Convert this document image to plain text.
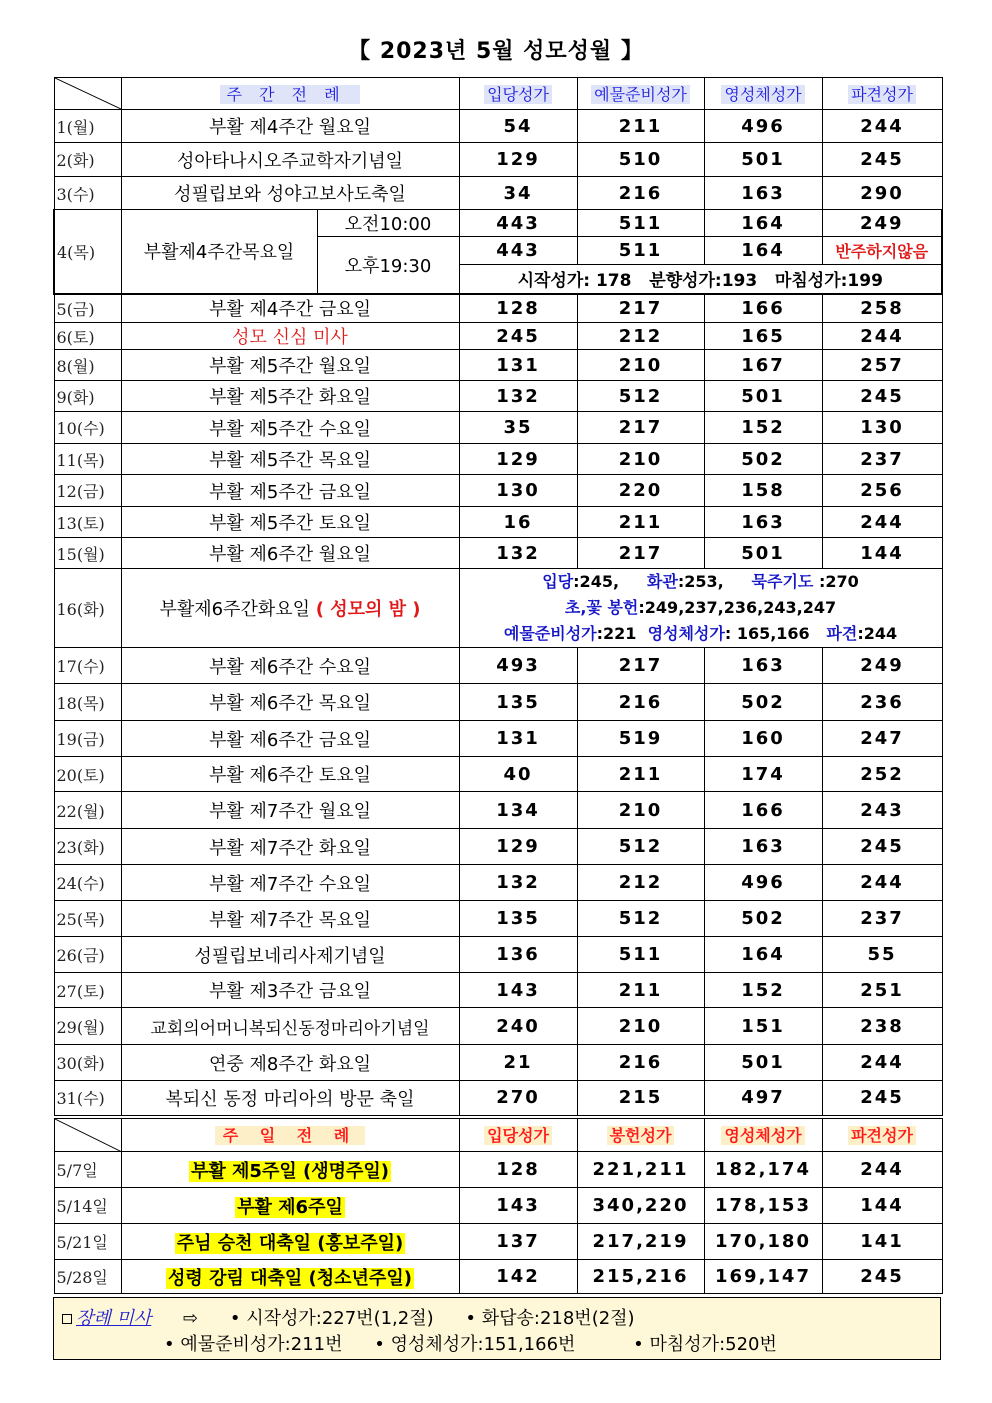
【 2023년 5월 성모성월 】
	주 간 전 례		입당성가	예물준비성가	영성체성가	파견성가
1(월)	부활 제4주간 월요일		54	211	496	244
2(화)	성아타나시오주교학자기념일		129	510	501	245
3(수)	성필립보와 성야고보사도축일		34	216	163	290
4(목)	부활제4주간목요일	오전10:00	443	511	164	249
		오후19:30	443	511	164	반주하지않음
			시작성가: 178   분향성가:193   마침성가:199			
5(금)	부활 제4주간 금요일		128	217	166	258
6(토)	성모 신심 미사		245	212	165	244
8(월)	부활 제5주간 월요일		131	210	167	257
9(화)	부활 제5주간 화요일		132	512	501	245
10(수)	부활 제5주간 수요일		35	217	152	130
11(목)	부활 제5주간 목요일		129	210	502	237
12(금)	부활 제5주간 금요일		130	220	158	256
13(토)	부활 제5주간 토요일		16	211	163	244
15(월)	부활 제6주간 월요일		132	217	501	144
16(화)	부활제6주간화요일 ( 성모의 밤 )		입당:245, 화관:253, 묵주기도 :270
초,꽃 봉헌:249,237,236,243,247
예물준비성가:221 영성체성가: 165,166 파견:244			

17(수)	부활 제6주간 수요일		493	217	163	249
18(목)	부활 제6주간 목요일		135	216	502	236
19(금)	부활 제6주간 금요일		131	519	160	247
20(토)	부활 제6주간 토요일		40	211	174	252
22(월)	부활 제7주간 월요일		134	210	166	243
23(화)	부활 제7주간 화요일		129	512	163	245
24(수)	부활 제7주간 수요일		132	212	496	244
25(목)	부활 제7주간 목요일		135	512	502	237
26(금)	성필립보네리사제기념일		136	511	164	55
27(토)	부활 제3주간 금요일		143	211	152	251
29(월)	교회의어머니복되신동정마리아기념일		240	210	151	238
30(화)	연중 제8주간 화요일		21	216	501	244
31(수)	복되신 동정 마리아의 방문 축일		270	215	497	245

	주 일 전 례		입당성가	봉헌성가	영성체성가	파견성가
5/7일	부활 제5주일 (생명주일)		128	221,211	182,174	244
5/14일	부활 제6주일		143	340,220	178,153	144
5/21일	주님 승천 대축일 (홍보주일)		137	217,219	170,180	141
5/28일	성령 강림 대축일 (청소년주일)		142	215,216	169,147	245
장례 미사 ⇨ • 시작성가:227번(1,2절) • 화답송:218번(2절)
• 예물준비성가:211번 • 영성체성가:151,166번	• 마침성가:520번
